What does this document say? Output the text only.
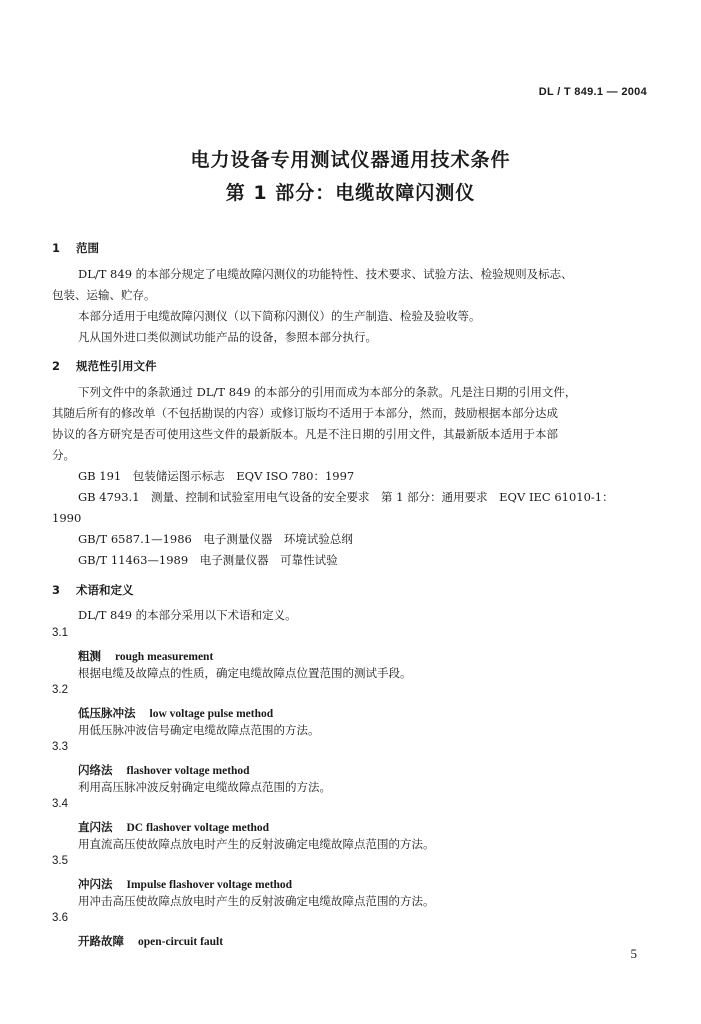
DL / T 849.1 — 2004
电力设备专用测试仪器通用技术条件
第 1 部分：电缆故障闪测仪
1 范围
DL/T 849 的本部分规定了电缆故障闪测仪的功能特性、技术要求、试验方法、检验规则及标志、
包装、运输、贮存。
本部分适用于电缆故障闪测仪（以下简称闪测仪）的生产制造、检验及验收等。
凡从国外进口类似测试功能产品的设备，参照本部分执行。
2 规范性引用文件
下列文件中的条款通过 DL/T 849 的本部分的引用而成为本部分的条款。凡是注日期的引用文件，
其随后所有的修改单（不包括勘误的内容）或修订版均不适用于本部分，然而，鼓励根据本部分达成
协议的各方研究是否可使用这些文件的最新版本。凡是不注日期的引用文件，其最新版本适用于本部
分。
GB 191　包装储运图示标志　EQV ISO 780：1997
GB 4793.1　测量、控制和试验室用电气设备的安全要求　第 1 部分：通用要求　EQV IEC 61010-1：
1990
GB/T 6587.1—1986　电子测量仪器　环境试验总纲
GB/T 11463—1989　电子测量仪器　可靠性试验
3 术语和定义
DL/T 849 的本部分采用以下术语和定义。
3.1
粗测 rough measurement
根据电缆及故障点的性质，确定电缆故障点位置范围的测试手段。
3.2
低压脉冲法 low voltage pulse method
用低压脉冲波信号确定电缆故障点范围的方法。
3.3
闪络法 flashover voltage method
利用高压脉冲波反射确定电缆故障点范围的方法。
3.4
直闪法 DC flashover voltage method
用直流高压使故障点放电时产生的反射波确定电缆故障点范围的方法。
3.5
冲闪法 Impulse flashover voltage method
用冲击高压使故障点放电时产生的反射波确定电缆故障点范围的方法。
3.6
开路故障 open-circuit fault
5
